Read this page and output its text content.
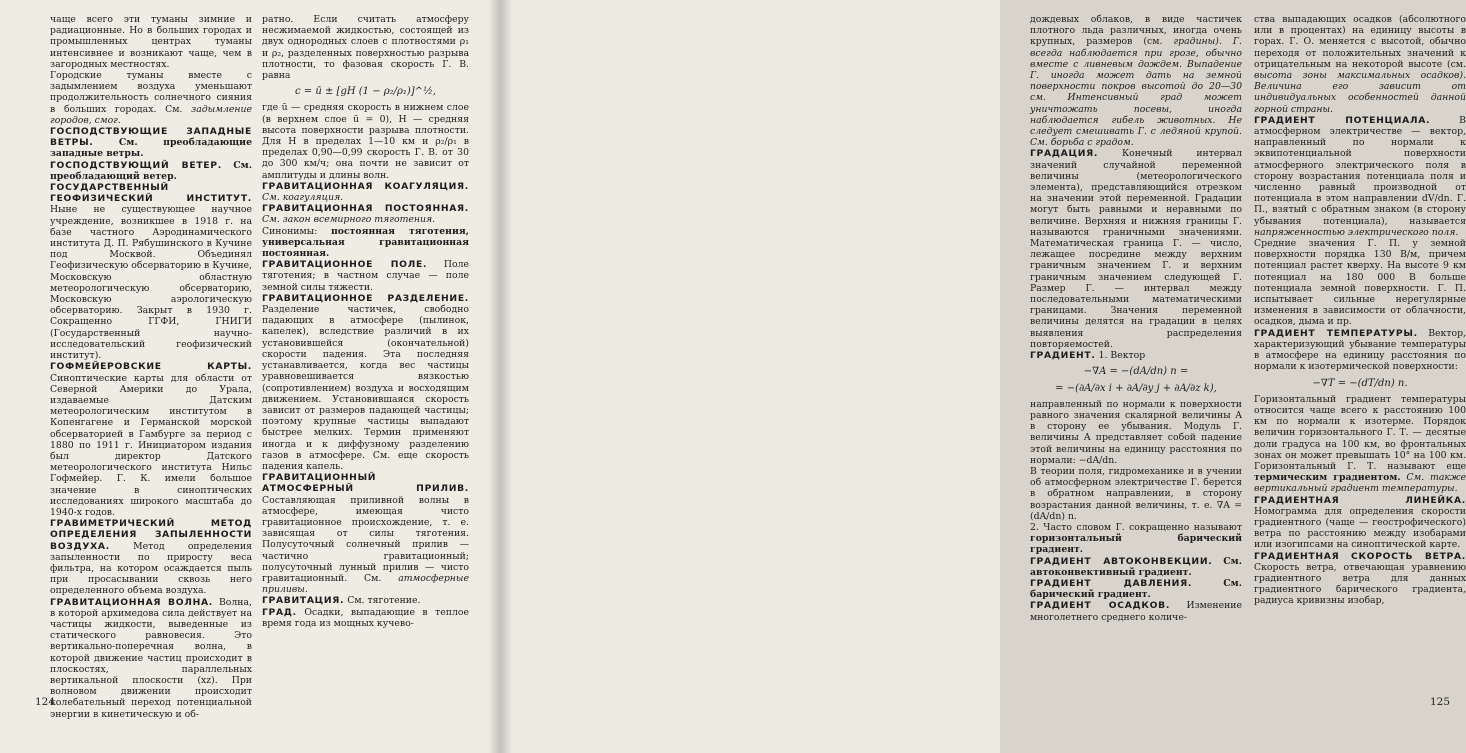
чаще всего эти туманы зимние и радиационные. Но в больших городах и промышленных центрах туманы интенсивнее и возникают чаще, чем в загородных местностях.

Городские туманы вместе с задымлением воздуха уменьшают продолжительность солнечного сияния в больших городах. См. задымление городов, смог.

ГОСПОДСТВУЮЩИЕ ЗАПАДНЫЕ ВЕТРЫ.	См. преобладающие западные ветры.

ГОСПОДСТВУЮЩИЙ ВЕТЕР. См. преобладающий ветер.

ГОСУДАРСТВЕННЫЙ ГЕОФИЗИЧЕСКИЙ ИНСТИТУТ. Ныне не существующее научное учреждение, возникшее в 1918 г. на базе частного Аэродинамического института Д. П. Рябушинского в Кучине под Москвой. Объединял Геофизическую обсерваторию в Кучине, Московскую областную метеорологическую обсерваторию, Московскую аэрологическую обсерваторию. Закрыт в 1930 г. Сокращенно ГГФИ, ГНИГИ (Государственный научно-исследовательский геофизический институт).

ГОФМЕЙЕРОВСКИЕ КАРТЫ. Синоптические карты для области от Северной Америки до Урала, издаваемые Датским метеорологическим институтом в Копенгагене и Германской морской обсерваторией в Гамбурге за период с 1880 по 1911 г. Инициатором издания был директор Датского метеорологического института Нильс Гофмейер. Г. К. имели большое значение в синоптических исследованиях широкого масштаба до 1940-х годов.

ГРАВИМЕТРИЧЕСКИЙ МЕТОД ОПРЕДЕЛЕНИЯ ЗАПЫЛЕННОСТИ ВОЗДУХА. Метод определения запыленности по приросту веса фильтра, на котором осаждается пыль при просасывании сквозь него определенного объема воздуха.

ГРАВИТАЦИОННАЯ ВОЛНА. Волна, в которой архимедова сила действует на частицы жидкости, выведенные из статического равновесия. Это вертикально-поперечная волна, в которой движение частиц происходит в плоскостях, параллельных вертикальной плоскости (xz). При волновом движении происходит колебательный переход потенциальной энергии в кинетическую и об-

ратно. Если считать атмосферу несжимаемой жидкостью, состоящей из двух однородных слоев с плотностями ρ₁ и ρ₂, разделенных поверхностью разрыва плотности, то фазовая скорость Г. В. равна

c = ū ± [gH (1 − ρ₂/ρ₁)]^½,

где ū — средняя скорость в нижнем слое (в верхнем слое ū = 0), H — средняя высота поверхности разрыва плотности. Для H в пределах 1—10 км и ρ₂/ρ₁ в пределах 0,90—0,99 скорость Г. В. от 30 до 300 км/ч; она почти не зависит от амплитуды и длины волн.

ГРАВИТАЦИОННАЯ КОАГУЛЯЦИЯ. См. коагуляция.

ГРАВИТАЦИОННАЯ ПОСТОЯННАЯ. См. закон всемирного тяготения.

Синонимы: постоянная тяготения, универсальная гравитационная постоянная.

ГРАВИТАЦИОННОЕ ПОЛЕ. Поле тяготения; в частном случае — поле земной силы тяжести.

ГРАВИТАЦИОННОЕ РАЗДЕЛЕНИЕ. Разделение частичек, свободно падающих в атмосфере (пылинок, капелек), вследствие различий в их установившейся (окончательной) скорости падения. Эта последняя устанавливается, когда вес частицы уравновешивается вязкостью (сопротивлением) воздуха и восходящим движением. Установившаяся скорость зависит от размеров падающей частицы; поэтому крупные частицы выпадают быстрее мелких. Термин применяют иногда и к диффузному разделению газов в атмосфере. См. еще скорость падения капель.

ГРАВИТАЦИОННЫЙ АТМОСФЕРНЫЙ ПРИЛИВ. Составляющая приливной волны в атмосфере, имеющая чисто гравитационное происхождение, т. е. зависящая от силы тяготения. Полусуточный солнечный прилив — частично гравитационный; полусуточный лунный прилив — чисто гравитационный. См. атмосферные приливы.

ГРАВИТАЦИЯ. См. тяготение.

ГРАД. Осадки, выпадающие в теплое время года из мощных кучево-

124

дождевых облаков, в виде частичек плотного льда различных, иногда очень крупных, размеров (см. градины). Г. всегда наблюдается при грозе, обычно вместе с ливневым дождем. Выпадение Г. иногда может дать на земной поверхности покров высотой до 20—30 см. Интенсивный град может уничтожать посевы, иногда наблюдается гибель животных. Не следует смешивать Г. с ледяной крупой. См. борьба с градом.

ГРАДАЦИЯ.	Конечный интервал значений случайной переменной величины (метеорологического элемента), представляющийся отрезком на значении этой переменной. Градации могут быть равными и неравными по величине. Верхняя и нижняя границы Г. называются граничными значениями. Математическая граница Г. — число, лежащее посредине между верхним граничным значением Г. и верхним граничным значением следующей Г. Размер Г. — интервал между последовательными математическими границами. Значения переменной величины делятся на градации в целях выявления распределения повторяемостей.

ГРАДИЕНТ. 1. Вектор

−∇A = −(dA/dn) n =
= −(∂A/∂x i + ∂A/∂y j + ∂A/∂z k),

направленный по нормали к поверхности равного значения скалярной величины A в сторону ее убывания. Модуль Г. величины A представляет собой падение этой величины на единицу расстояния по нормали: −dA/dn.

В теории поля, гидромеханике и в учении об атмосферном электричестве Г. берется в обратном направлении, в сторону возрастания данной величины, т. е. ∇A = (dA/dn) n.

2. Часто словом Г. сокращенно называют горизонтальный барический градиент.

ГРАДИЕНТ АВТОКОНВЕКЦИИ. См. автоконвективный градиент.

ГРАДИЕНТ ДАВЛЕНИЯ.	См. барический градиент.

ГРАДИЕНТ ОСАДКОВ. Изменение многолетнего среднего количе-

ства выпадающих осадков (абсолютного или в процентах) на единицу высоты в горах. Г. О. меняется с высотой, обычно переходя от положительных значений к отрицательным на некоторой высоте (см. высота зоны максимальных осадков). Величина его зависит от индивидуальных особенностей данной горной страны.

ГРАДИЕНТ ПОТЕНЦИАЛА.	В атмосферном электричестве — вектор, направленный по нормали к эквипотенциальной поверхности атмосферного электрического поля в сторону возрастания потенциала поля и численно равный производной от потенциала в этом направлении dV/dn. Г. П., взятый с обратным знаком (в сторону убывания потенциала), называется напряженностью электрического поля.

Средние значения Г. П. у земной поверхности порядка 130 В/м, причем потенциал растет кверху. На высоте 9 км потенциал на 180 000 В больше потенциала земной поверхности. Г. П. испытывает сильные нерегулярные изменения в зависимости от облачности, осадков, дыма и пр.

ГРАДИЕНТ ТЕМПЕРАТУРЫ. Вектор, характеризующий убывание температуры в атмосфере на единицу расстояния по нормали к изотермической поверхности:

−∇T = −(dT/dn) n.

Горизонтальный градиент температуры относится чаще всего к расстоянию 100 км по нормали к изотерме. Порядок величин горизонтального Г. Т. — десятые доли градуса на 100 км, во фронтальных зонах он может превышать 10° на 100 км. Горизонтальный Г. Т. называют еще термическим градиентом. См. также вертикальный градиент температуры.

ГРАДИЕНТНАЯ ЛИНЕЙКА. Номограмма для определения скорости градиентного (чаще — геострофического) ветра по расстоянию между изобарами или изогипсами на синоптической карте.

ГРАДИЕНТНАЯ СКОРОСТЬ ВЕТРА. Скорость ветра, отвечающая уравнению градиентного ветра для данных градиентного барического градиента, радиуса кривизны изобар,

125
